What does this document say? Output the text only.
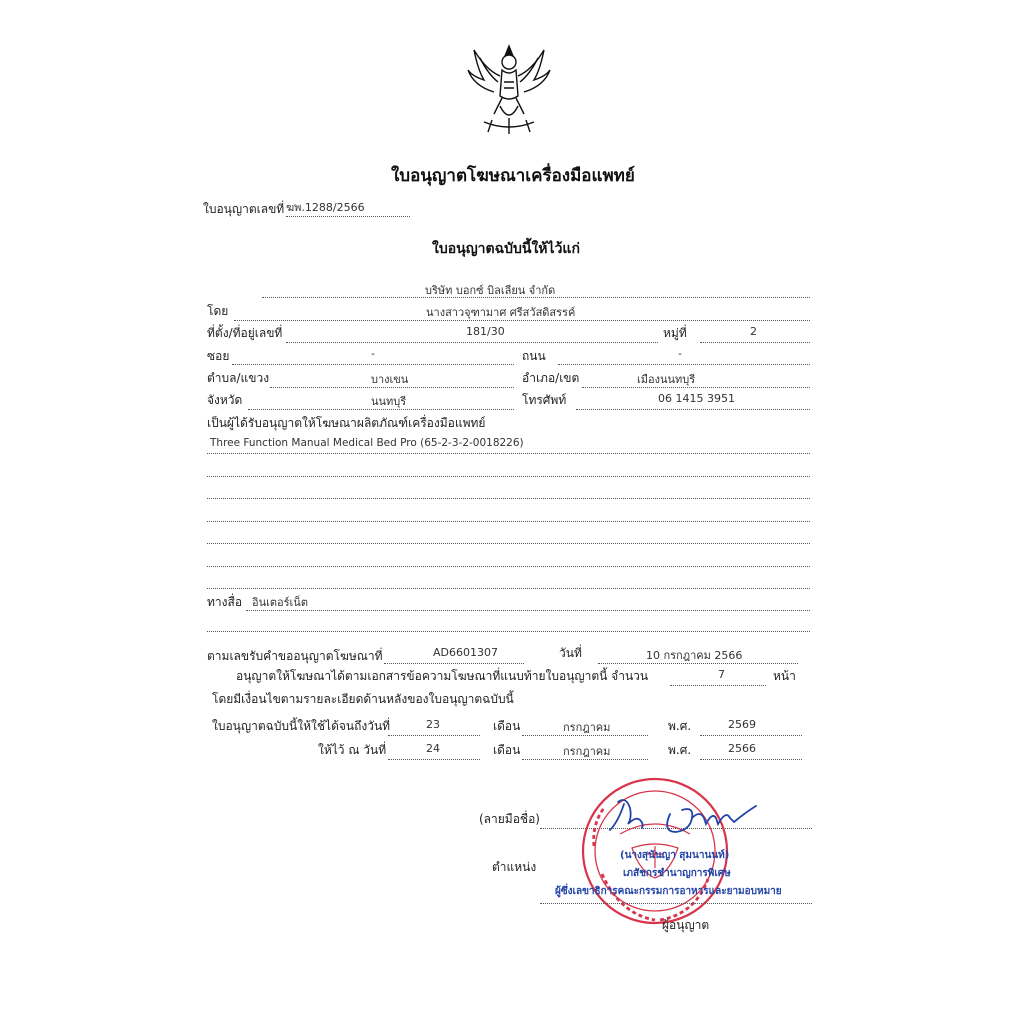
ใบอนุญาตโฆษณาเครื่องมือแพทย์
ใบอนุญาตเลขที่ ฆพ.1288/2566
ใบอนุญาตฉบับนี้ให้ไว้แก่
บริษัท บอกซ์ บิลเลียน จำกัด
โดย	นางสาวจุฑามาศ ศรีสวัสดิสรรค์
ที่ตั้ง/ที่อยู่เลขที่	181/30	หมู่ที่	2
ซอย	-	ถนน	-
ตำบล/แขวง	บางเขน	อำเภอ/เขต	เมืองนนทบุรี
จังหวัด	นนทบุรี	โทรศัพท์	06 1415 3951
เป็นผู้ได้รับอนุญาตให้โฆษณาผลิตภัณฑ์เครื่องมือแพทย์
Three Function Manual Medical Bed Pro (65-2-3-2-0018226)
ทางสื่อ อินเตอร์เน็ต
ตามเลขรับคำขออนุญาตโฆษณาที่	AD6601307	วันที่	10 กรกฎาคม 2566
อนุญาตให้โฆษณาได้ตามเอกสารข้อความโฆษณาที่แนบท้ายใบอนุญาตนี้ จำนวน	7	หน้า
โดยมีเงื่อนไขตามรายละเอียดด้านหลังของใบอนุญาตฉบับนี้
ใบอนุญาตฉบับนี้ให้ใช้ได้จนถึงวันที่	23	เดือน	กรกฎาคม	พ.ศ.	2569
ให้ไว้ ณ วันที่	24	เดือน	กรกฎาคม	พ.ศ.	2566
(ลายมือชื่อ)
ตำแหน่ง
(นางสุนันญา สุมนานนท์)
เภสัชกรชำนาญการพิเศษ
ผู้ซึ่งเลขาธิการคณะกรรมการอาหารและยามอบหมาย
ผู้อนุญาต
